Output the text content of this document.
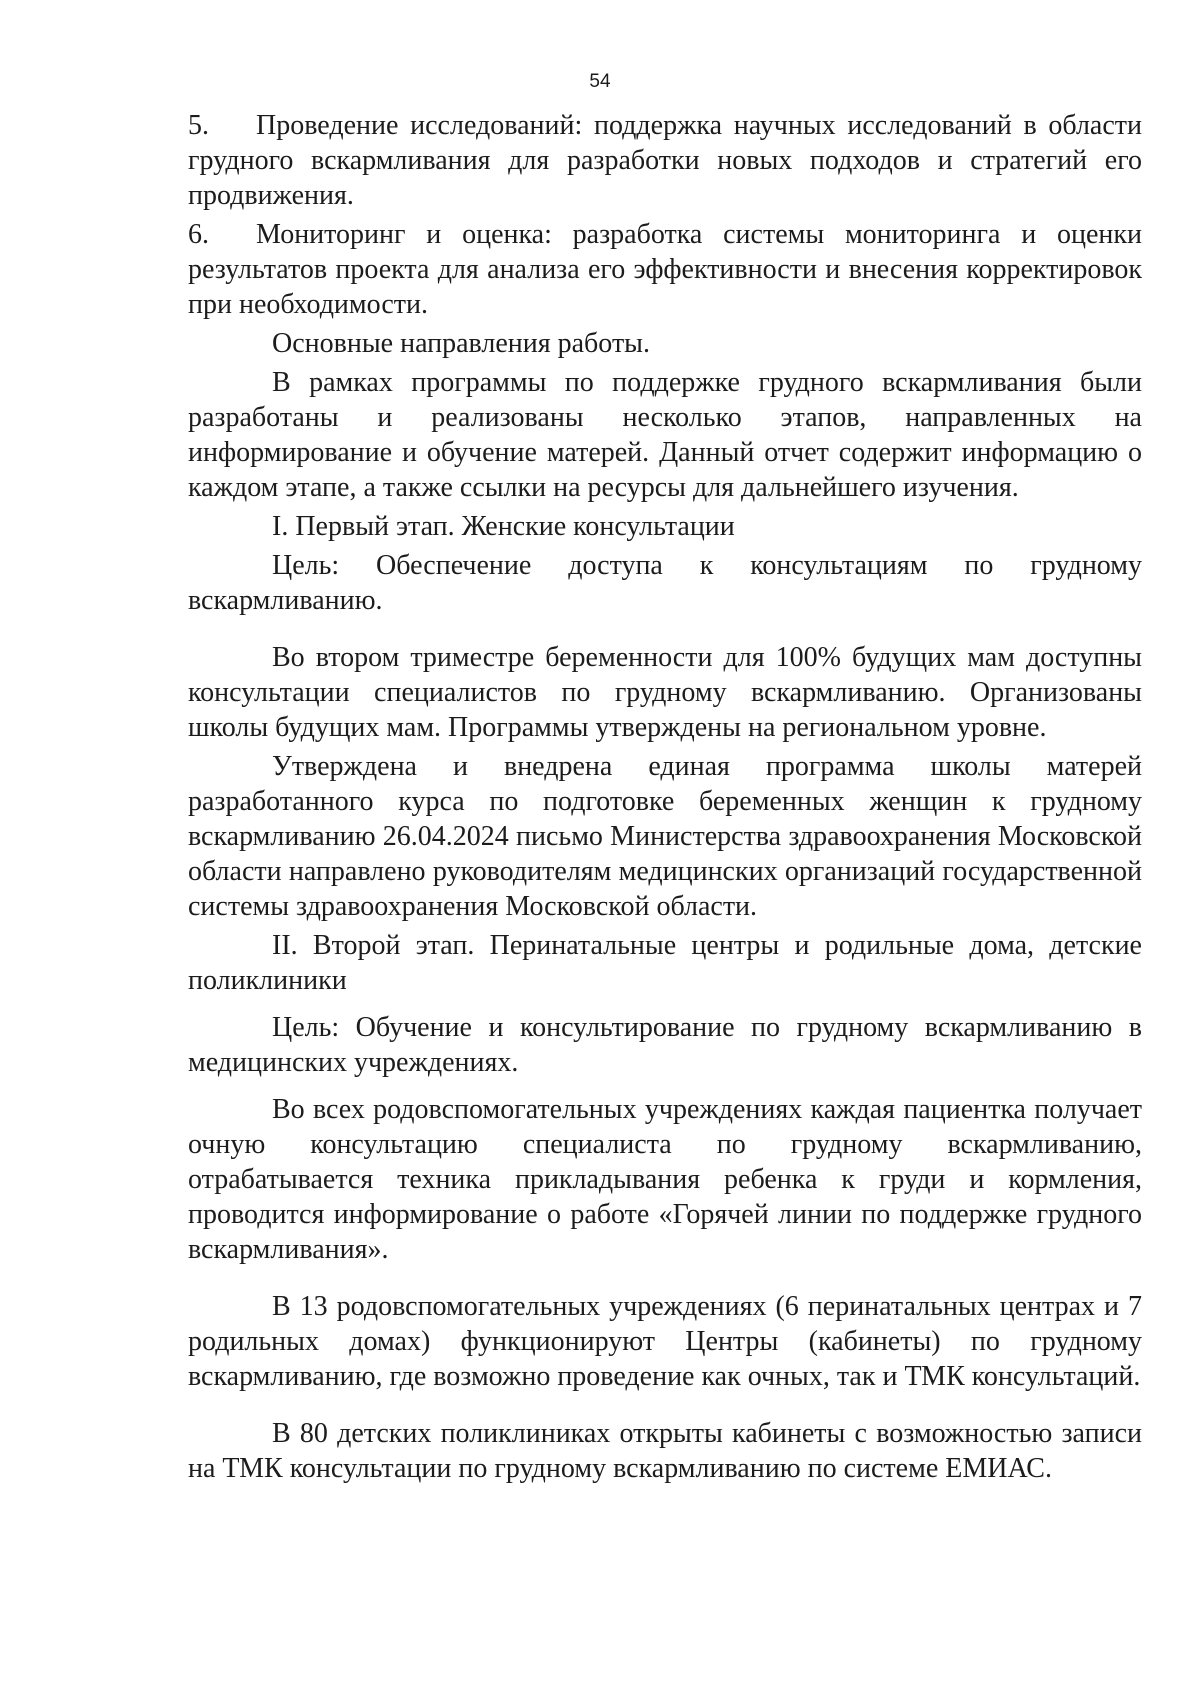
54

5. Проведение исследований: поддержка научных исследований в области грудного вскармливания для разработки новых подходов и стратегий его продвижения.

6. Мониторинг и оценка: разработка системы мониторинга и оценки результатов проекта для анализа его эффективности и внесения корректировок при необходимости.

Основные направления работы.

В рамках программы по поддержке грудного вскармливания были разработаны и реализованы несколько этапов, направленных на информирование и обучение матерей. Данный отчет содержит информацию о каждом этапе, а также ссылки на ресурсы для дальнейшего изучения.

I. Первый этап. Женские консультации

Цель: Обеспечение доступа к консультациям по грудному вскармливанию.

Во втором триместре беременности для 100% будущих мам доступны консультации специалистов по грудному вскармливанию. Организованы школы будущих мам. Программы утверждены на региональном уровне.

Утверждена и внедрена единая программа школы матерей разработанного курса по подготовке беременных женщин к грудному вскармливанию 26.04.2024 письмо Министерства здравоохранения Московской области направлено руководителям медицинских организаций государственной системы здравоохранения Московской области.

II. Второй этап. Перинатальные центры и родильные дома, детские поликлиники

Цель: Обучение и консультирование по грудному вскармливанию в медицинских учреждениях.

Во всех родовспомогательных учреждениях каждая пациентка получает очную консультацию специалиста по грудному вскармливанию, отрабатывается техника прикладывания ребенка к груди и кормления, проводится информирование о работе «Горячей линии по поддержке грудного вскармливания».

В 13 родовспомогательных учреждениях (6 перинатальных центрах и 7 родильных домах) функционируют Центры (кабинеты) по грудному вскармливанию, где возможно проведение как очных, так и ТМК консультаций.

В 80 детских поликлиниках открыты кабинеты с возможностью записи на ТМК консультации по грудному вскармливанию по системе ЕМИАС.
